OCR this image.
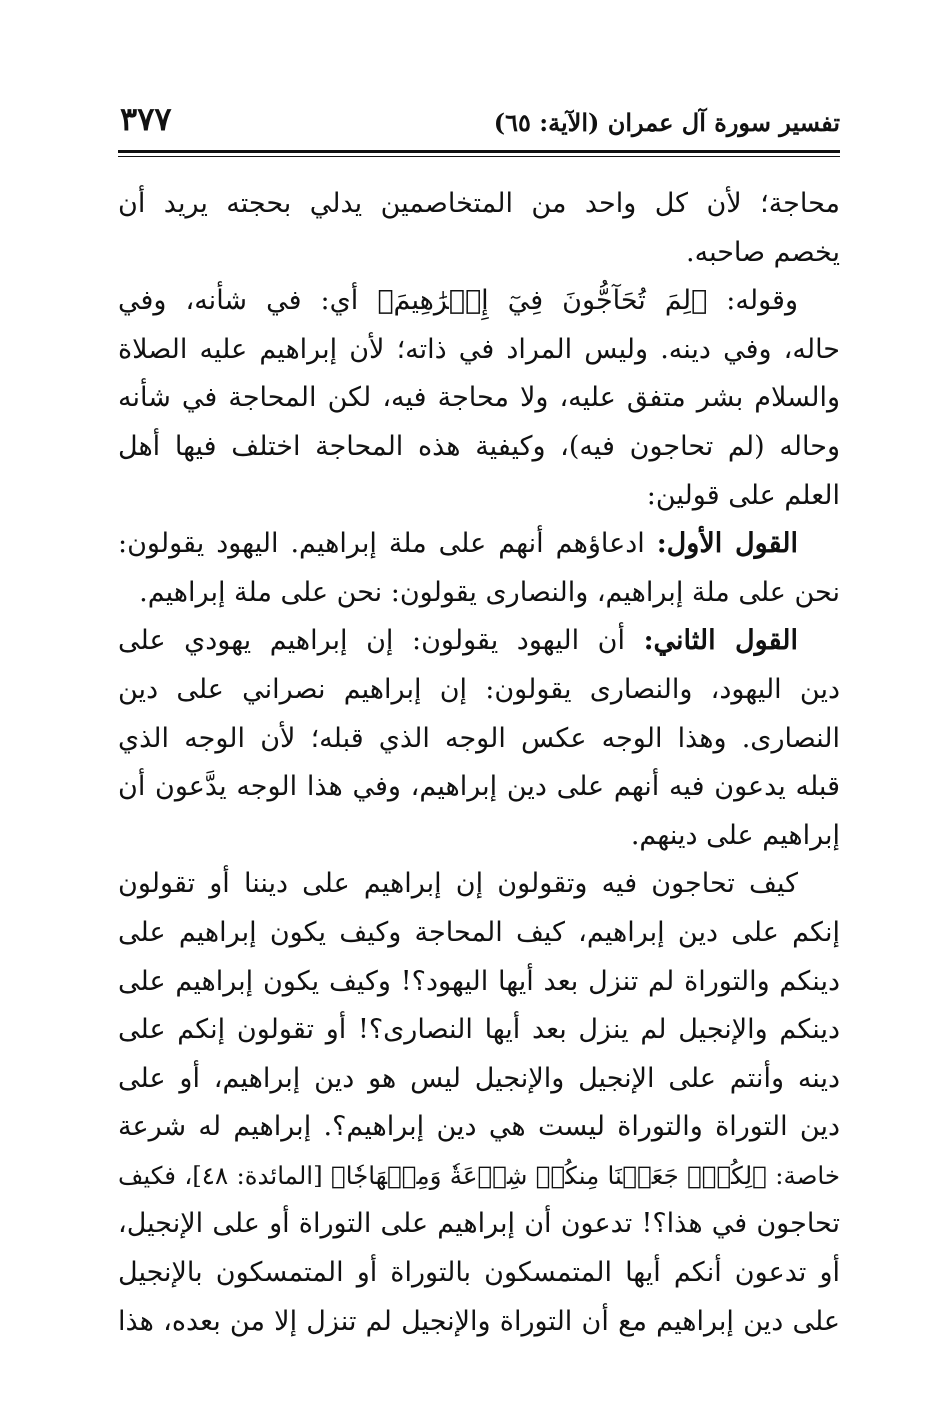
تفسير سورة آل عمران (الآية: ٦٥)
٣٧٧
محاجة؛ لأن كل واحد من المتخاصمين يدلي بحجته يريد أن
يخصم صاحبه.
وقوله: ﴿لِمَ تُحَآجُّونَ فِيٓ إِبۡرَٰهِيمَ﴾ أي: في شأنه، وفي
حاله، وفي دينه. وليس المراد في ذاته؛ لأن إبراهيم عليه الصلاة
والسلام بشر متفق عليه، ولا محاجة فيه، لكن المحاجة في شأنه
وحاله (لم تحاجون فيه)، وكيفية هذه المحاجة اختلف فيها أهل
العلم على قولين:
القول الأول: ادعاؤهم أنهم على ملة إبراهيم. اليهود يقولون:
نحن على ملة إبراهيم، والنصارى يقولون: نحن على ملة إبراهيم.
القول الثاني: أن اليهود يقولون: إن إبراهيم يهودي على
دين اليهود، والنصارى يقولون: إن إبراهيم نصراني على دين
النصارى. وهذا الوجه عكس الوجه الذي قبله؛ لأن الوجه الذي
قبله يدعون فيه أنهم على دين إبراهيم، وفي هذا الوجه يدَّعون أن
إبراهيم على دينهم.
كيف تحاجون فيه وتقولون إن إبراهيم على ديننا أو تقولون
إنكم على دين إبراهيم، كيف المحاجة وكيف يكون إبراهيم على
دينكم والتوراة لم تنزل بعد أيها اليهود؟! وكيف يكون إبراهيم على
دينكم والإنجيل لم ينزل بعد أيها النصارى؟! أو تقولون إنكم على
دينه وأنتم على الإنجيل والإنجيل ليس هو دين إبراهيم، أو على
دين التوراة والتوراة ليست هي دين إبراهيم؟. إبراهيم له شرعة
خاصة: ﴿لِكُلّٖ جَعَلۡنَا مِنكُمۡ شِرۡعَةٗ وَمِنۡهَاجٗا﴾ [المائدة: ٤٨]، فكيف
تحاجون في هذا؟! تدعون أن إبراهيم على التوراة أو على الإنجيل،
أو تدعون أنكم أيها المتمسكون بالتوراة أو المتمسكون بالإنجيل
على دين إبراهيم مع أن التوراة والإنجيل لم تنزل إلا من بعده، هذا
